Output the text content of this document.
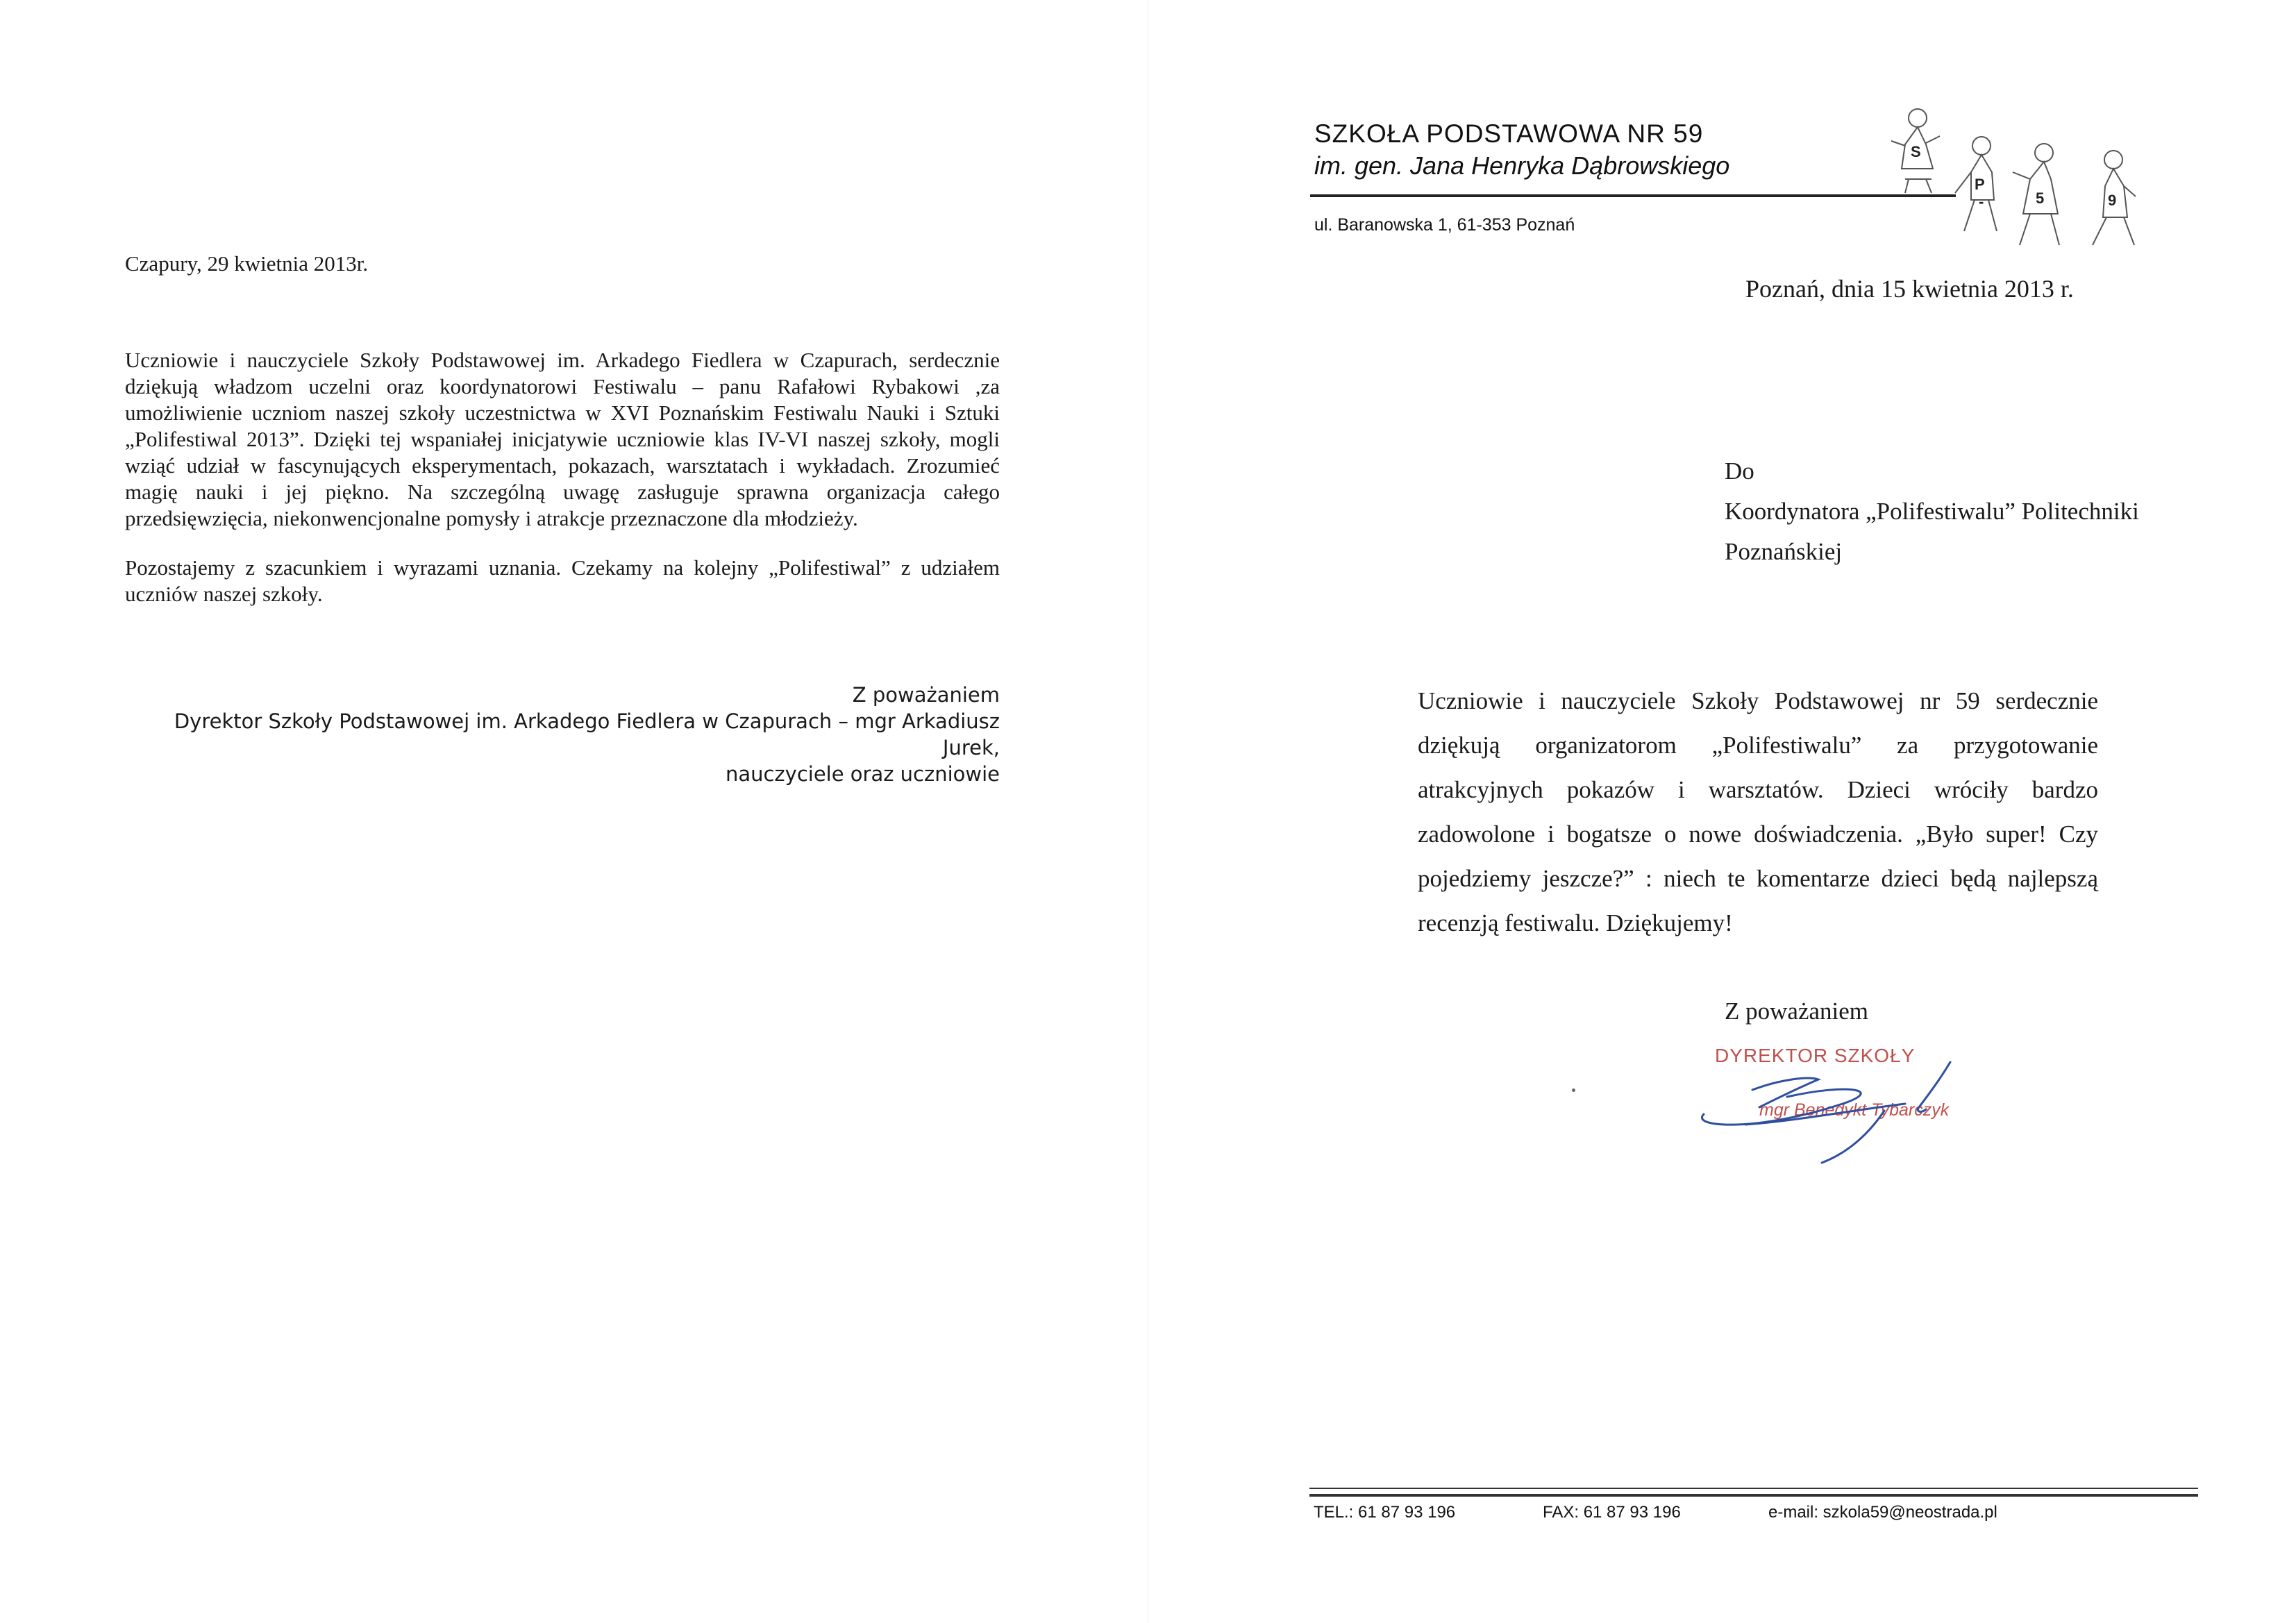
Czapury, 29 kwietnia 2013r.

Uczniowie i nauczyciele Szkoły Podstawowej im. Arkadego Fiedlera w Czapurach, serdecznie dziękują władzom uczelni oraz koordynatorowi Festiwalu – panu Rafałowi Rybakowi ,za umożliwienie uczniom naszej szkoły uczestnictwa w XVI Poznańskim Festiwalu Nauki i Sztuki „Polifestiwal 2013”. Dzięki tej wspaniałej inicjatywie uczniowie klas IV-VI naszej szkoły, mogli wziąć udział w fascynujących eksperymentach, pokazach, warsztatach i wykładach. Zrozumieć magię nauki i jej piękno. Na szczególną uwagę zasługuje sprawna organizacja całego przedsięwzięcia, niekonwencjonalne pomysły i atrakcje przeznaczone dla młodzieży.

Pozostajemy z szacunkiem i wyrazami uznania. Czekamy na kolejny „Polifestiwal” z udziałem uczniów naszej szkoły.

Z poważaniem
Dyrektor Szkoły Podstawowej im. Arkadego Fiedlera w Czapurach – mgr Arkadiusz Jurek,
nauczyciele oraz uczniowie
SZKOŁA PODSTAWOWA NR 59
im. gen. Jana Henryka Dąbrowskiego
ul. Baranowska 1, 61-353 Poznań
S
P
-	5	9
Poznań, dnia 15 kwietnia 2013 r.
Do
Koordynatora „Polifestiwalu” Politechniki
Poznańskiej
Uczniowie i nauczyciele Szkoły Podstawowej nr 59 serdecznie dziękują organizatorom „Polifestiwalu” za przygotowanie atrakcyjnych pokazów i warsztatów. Dzieci wróciły bardzo zadowolone i bogatsze o nowe doświadczenia. „Było super! Czy pojedziemy jeszcze?” : niech te komentarze dzieci będą najlepszą recenzją festiwalu. Dziękujemy!
Z poważaniem
DYREKTOR SZKOŁY
mgr Benedykt Tybarczyk
TEL.: 61 87 93 196	FAX: 61 87 93 196	e-mail: szkola59@neostrada.pl
